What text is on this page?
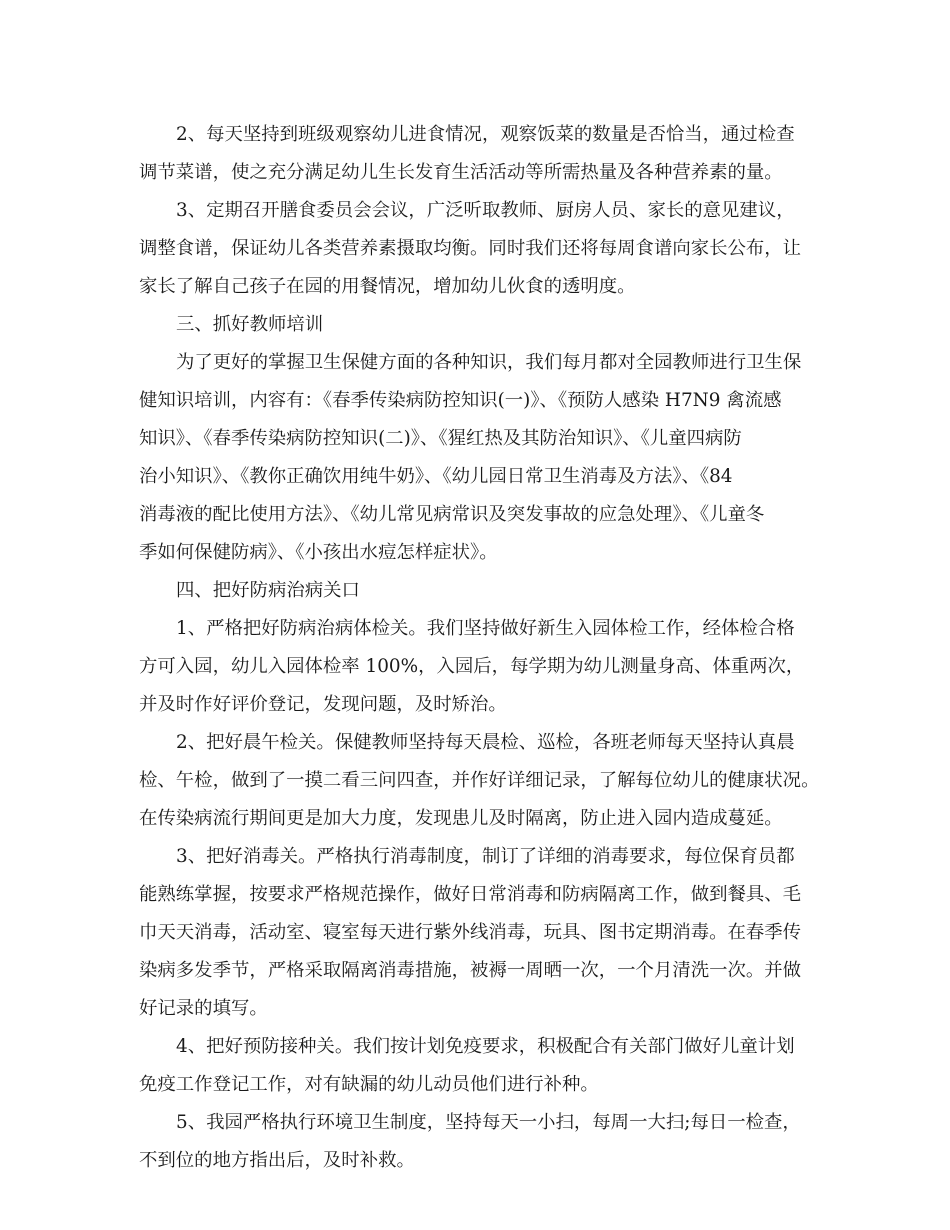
2、每天坚持到班级观察幼儿进食情况，观察饭菜的数量是否恰当，通过检查
调节菜谱，使之充分满足幼儿生长发育生活活动等所需热量及各种营养素的量。
3、定期召开膳食委员会会议，广泛听取教师、厨房人员、家长的意见建议，
调整食谱，保证幼儿各类营养素摄取均衡。同时我们还将每周食谱向家长公布，让
家长了解自己孩子在园的用餐情况，增加幼儿伙食的透明度。
三、抓好教师培训
为了更好的掌握卫生保健方面的各种知识，我们每月都对全园教师进行卫生保
健知识培训，内容有：《春季传染病防控知识(一)》、《预防人感染 H7N9 禽流感
知识》、《春季传染病防控知识(二)》、《猩红热及其防治知识》、《儿童四病防
治小知识》、《教你正确饮用纯牛奶》、《幼儿园日常卫生消毒及方法》、《84
消毒液的配比使用方法》、《幼儿常见病常识及突发事故的应急处理》、《儿童冬
季如何保健防病》、《小孩出水痘怎样症状》。
四、把好防病治病关口
1、严格把好防病治病体检关。我们坚持做好新生入园体检工作，经体检合格
方可入园，幼儿入园体检率 100%，入园后，每学期为幼儿测量身高、体重两次，
并及时作好评价登记，发现问题，及时矫治。
2、把好晨午检关。保健教师坚持每天晨检、巡检，各班老师每天坚持认真晨
检、午检，做到了一摸二看三问四查，并作好详细记录，了解每位幼儿的健康状况。
在传染病流行期间更是加大力度，发现患儿及时隔离，防止进入园内造成蔓延。
3、把好消毒关。严格执行消毒制度，制订了详细的消毒要求，每位保育员都
能熟练掌握，按要求严格规范操作，做好日常消毒和防病隔离工作，做到餐具、毛
巾天天消毒，活动室、寝室每天进行紫外线消毒，玩具、图书定期消毒。在春季传
染病多发季节，严格采取隔离消毒措施，被褥一周晒一次，一个月清洗一次。并做
好记录的填写。
4、把好预防接种关。我们按计划免疫要求，积极配合有关部门做好儿童计划
免疫工作登记工作，对有缺漏的幼儿动员他们进行补种。
5、我园严格执行环境卫生制度，坚持每天一小扫，每周一大扫;每日一检查，
不到位的地方指出后，及时补救。
